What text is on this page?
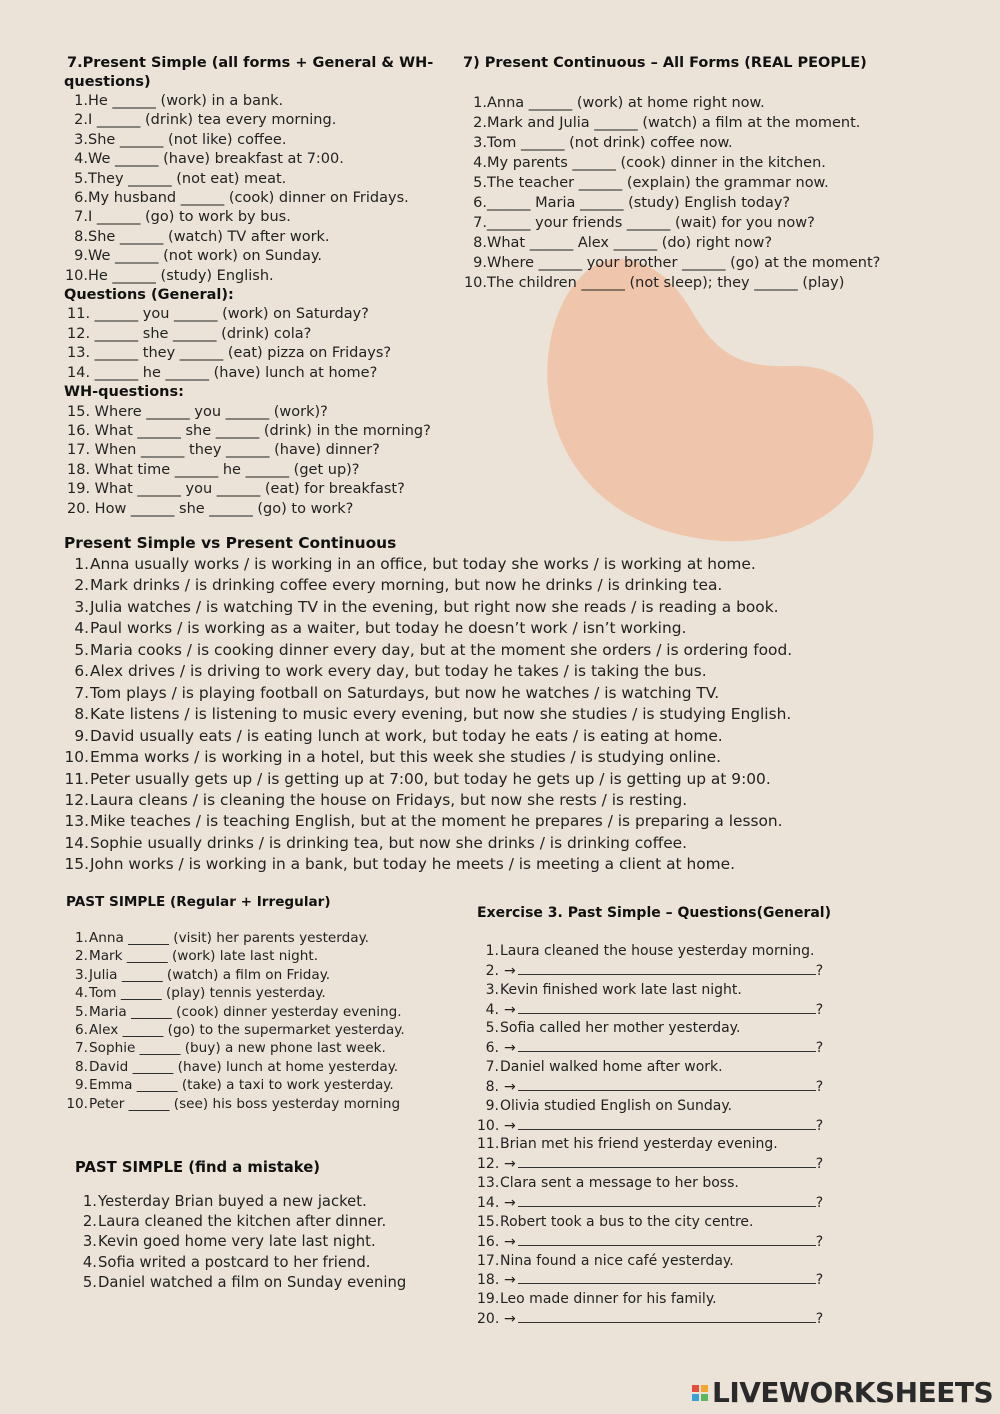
7.Present Simple (all forms + General & WH-
questions)
1.He ______ (work) in a bank.
2.I ______ (drink) tea every morning.
3.She ______ (not like) coffee.
4.We ______ (have) breakfast at 7:00.
5.They ______ (not eat) meat.
6.My husband ______ (cook) dinner on Fridays.
7.I ______ (go) to work by bus.
8.She ______ (watch) TV after work.
9.We ______ (not work) on Sunday.
10.He ______ (study) English.
Questions (General):
11. ______ you ______ (work) on Saturday?
12. ______ she ______ (drink) cola?
13. ______ they ______ (eat) pizza on Fridays?
14. ______ he ______ (have) lunch at home?
WH-questions:
15. Where ______ you ______ (work)?
16. What ______ she ______ (drink) in the morning?
17. When ______ they ______ (have) dinner?
18. What time ______ he ______ (get up)?
19. What ______ you ______ (eat) for breakfast?
20. How ______ she ______ (go) to work?
7) Present Continuous – All Forms (REAL PEOPLE)
1.Anna ______ (work) at home right now.
2.Mark and Julia ______ (watch) a film at the moment.
3.Tom ______ (not drink) coffee now.
4.My parents ______ (cook) dinner in the kitchen.
5.The teacher ______ (explain) the grammar now.
6.______ Maria ______ (study) English today?
7.______ your friends ______ (wait) for you now?
8.What ______ Alex ______ (do) right now?
9.Where ______ your brother ______ (go) at the moment?
10.The children ______ (not sleep); they ______ (play)
Present Simple vs Present Continuous
1.Anna usually works / is working in an office, but today she works / is working at home.
2.Mark drinks / is drinking coffee every morning, but now he drinks / is drinking tea.
3.Julia watches / is watching TV in the evening, but right now she reads / is reading a book.
4.Paul works / is working as a waiter, but today he doesn’t work / isn’t working.
5.Maria cooks / is cooking dinner every day, but at the moment she orders / is ordering food.
6.Alex drives / is driving to work every day, but today he takes / is taking the bus.
7.Tom plays / is playing football on Saturdays, but now he watches / is watching TV.
8.Kate listens / is listening to music every evening, but now she studies / is studying English.
9.David usually eats / is eating lunch at work, but today he eats / is eating at home.
10.Emma works / is working in a hotel, but this week she studies / is studying online.
11.Peter usually gets up / is getting up at 7:00, but today he gets up / is getting up at 9:00.
12.Laura cleans / is cleaning the house on Fridays, but now she rests / is resting.
13.Mike teaches / is teaching English, but at the moment he prepares / is preparing a lesson.
14.Sophie usually drinks / is drinking tea, but now she drinks / is drinking coffee.
15.John works / is working in a bank, but today he meets / is meeting a client at home.
PAST SIMPLE (Regular + Irregular)
1.Anna ______ (visit) her parents yesterday.
2.Mark ______ (work) late last night.
3.Julia ______ (watch) a film on Friday.
4.Tom ______ (play) tennis yesterday.
5.Maria ______ (cook) dinner yesterday evening.
6.Alex ______ (go) to the supermarket yesterday.
7.Sophie ______ (buy) a new phone last week.
8.David ______ (have) lunch at home yesterday.
9.Emma ______ (take) a taxi to work yesterday.
10.Peter ______ (see) his boss yesterday morning
PAST SIMPLE (find a mistake)
1.Yesterday Brian buyed a new jacket.
2.Laura cleaned the kitchen after dinner.
3.Kevin goed home very late last night.
4.Sofia writed a postcard to her friend.
5.Daniel watched a film on Sunday evening
Exercise 3. Past Simple – Questions(General)
1.Laura cleaned the house yesterday morning.
2. →	?
3.Kevin finished work late last night.
4. →	?
5.Sofia called her mother yesterday.
6. →	?
7.Daniel walked home after work.
8. →	?
9.Olivia studied English on Sunday.
10. →	?
11.Brian met his friend yesterday evening.
12. →	?
13.Clara sent a message to her boss.
14. →	?
15.Robert took a bus to the city centre.
16. →	?
17.Nina found a nice café yesterday.
18. →	?
19.Leo made dinner for his family.
20. →	?
LIVEWORKSHEETS
